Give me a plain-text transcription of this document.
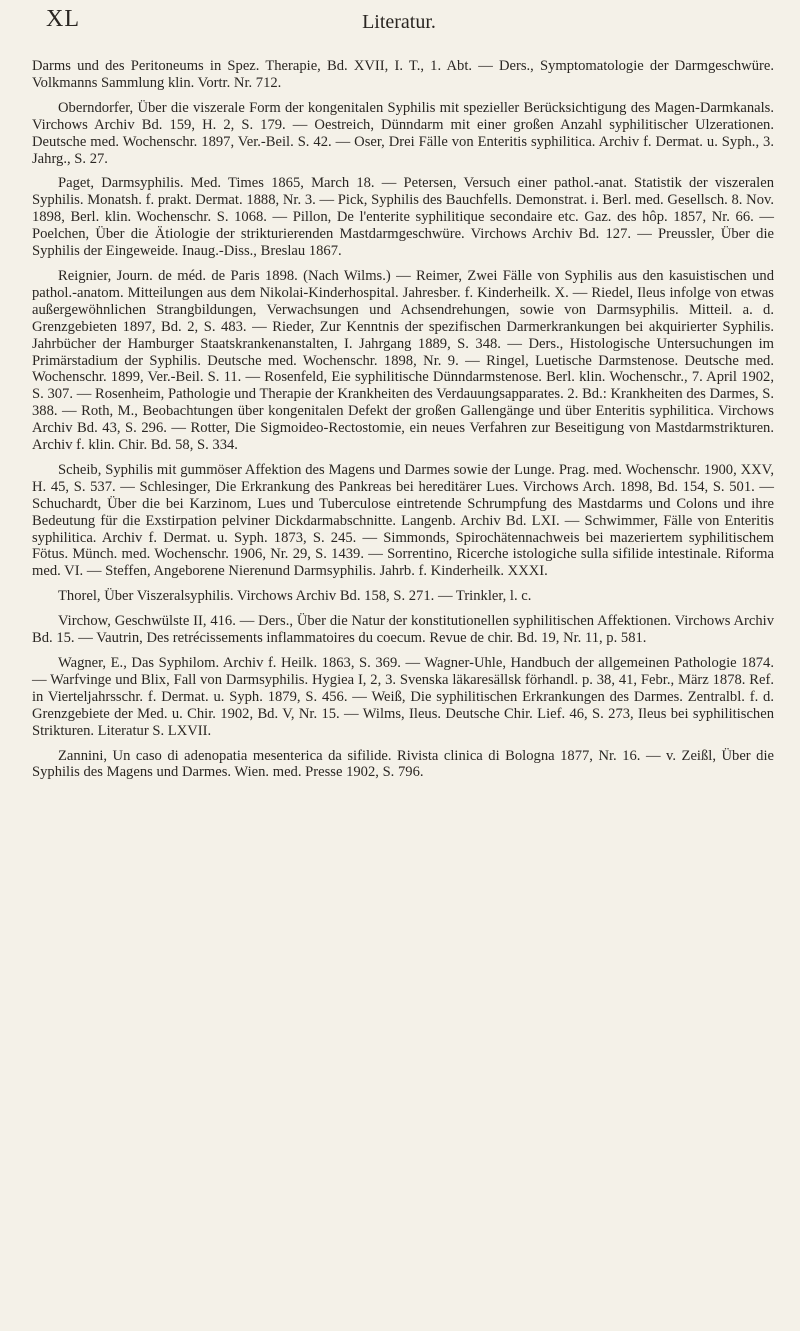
XL	Literatur.

Darms und des Peritoneums in Spez. Therapie, Bd. XVII, I. T., 1. Abt. — Ders., Symptomatologie der Darmgeschwüre. Volkmanns Sammlung klin. Vortr. Nr. 712.

Oberndorfer, Über die viszerale Form der kongenitalen Syphilis mit spezieller Berücksichtigung des Magen-Darmkanals. Virchows Archiv Bd. 159, H. 2, S. 179. — Oestreich, Dünndarm mit einer großen Anzahl syphilitischer Ulzerationen. Deutsche med. Wochenschr. 1897, Ver.-Beil. S. 42. — Oser, Drei Fälle von Enteritis syphilitica. Archiv f. Dermat. u. Syph., 3. Jahrg., S. 27.

Paget, Darmsyphilis. Med. Times 1865, March 18. — Petersen, Versuch einer pathol.-anat. Statistik der viszeralen Syphilis. Monatsh. f. prakt. Dermat. 1888, Nr. 3. — Pick, Syphilis des Bauchfells. Demonstrat. i. Berl. med. Gesellsch. 8. Nov. 1898, Berl. klin. Wochenschr. S. 1068. — Pillon, De l'enterite syphilitique secondaire etc. Gaz. des hôp. 1857, Nr. 66. — Poelchen, Über die Ätiologie der strikturierenden Mastdarmgeschwüre. Virchows Archiv Bd. 127. — Preussler, Über die Syphilis der Eingeweide. Inaug.-Diss., Breslau 1867.

Reignier, Journ. de méd. de Paris 1898. (Nach Wilms.) — Reimer, Zwei Fälle von Syphilis aus den kasuistischen und pathol.-anatom. Mitteilungen aus dem Nikolai-Kinderhospital. Jahresber. f. Kinderheilk. X. — Riedel, Ileus infolge von etwas außergewöhnlichen Strangbildungen, Verwachsungen und Achsendrehungen, sowie von Darmsyphilis. Mitteil. a. d. Grenzgebieten 1897, Bd. 2, S. 483. — Rieder, Zur Kenntnis der spezifischen Darmerkrankungen bei akquirierter Syphilis. Jahrbücher der Hamburger Staatskrankenanstalten, I. Jahrgang 1889, S. 348. — Ders., Histologische Untersuchungen im Primärstadium der Syphilis. Deutsche med. Wochenschr. 1898, Nr. 9. — Ringel, Luetische Darmstenose. Deutsche med. Wochenschr. 1899, Ver.-Beil. S. 11. — Rosenfeld, Eie syphilitische Dünndarmstenose. Berl. klin. Wochenschr., 7. April 1902, S. 307. — Rosenheim, Pathologie und Therapie der Krankheiten des Verdauungsapparates. 2. Bd.: Krankheiten des Darmes, S. 388. — Roth, M., Beobachtungen über kongenitalen Defekt der großen Gallengänge und über Enteritis syphilitica. Virchows Archiv Bd. 43, S. 296. — Rotter, Die Sigmoideo-Rectostomie, ein neues Verfahren zur Beseitigung von Mastdarmstrikturen. Archiv f. klin. Chir. Bd. 58, S. 334.

Scheib, Syphilis mit gummöser Affektion des Magens und Darmes sowie der Lunge. Prag. med. Wochenschr. 1900, XXV, H. 45, S. 537. — Schlesinger, Die Erkrankung des Pankreas bei hereditärer Lues. Virchows Arch. 1898, Bd. 154, S. 501. — Schuchardt, Über die bei Karzinom, Lues und Tuberculose eintretende Schrumpfung des Mastdarms und Colons und ihre Bedeutung für die Exstirpation pelviner Dickdarmabschnitte. Langenb. Archiv Bd. LXI. — Schwimmer, Fälle von Enteritis syphilitica. Archiv f. Dermat. u. Syph. 1873, S. 245. — Simmonds, Spirochätennachweis bei mazeriertem syphilitischem Fötus. Münch. med. Wochenschr. 1906, Nr. 29, S. 1439. — Sorrentino, Ricerche istologiche sulla sifilide intestinale. Riforma med. VI. — Steffen, Angeborene Nierenund Darmsyphilis. Jahrb. f. Kinderheilk. XXXI.

Thorel, Über Viszeralsyphilis. Virchows Archiv Bd. 158, S. 271. — Trinkler, l. c.

Virchow, Geschwülste II, 416. — Ders., Über die Natur der konstitutionellen syphilitischen Affektionen. Virchows Archiv Bd. 15. — Vautrin, Des retrécissements inflammatoires du coecum. Revue de chir. Bd. 19, Nr. 11, p. 581.

Wagner, E., Das Syphilom. Archiv f. Heilk. 1863, S. 369. — Wagner-Uhle, Handbuch der allgemeinen Pathologie 1874. — Warfvinge und Blix, Fall von Darmsyphilis. Hygiea I, 2, 3. Svenska läkaresällsk förhandl. p. 38, 41, Febr., März 1878. Ref. in Vierteljahrsschr. f. Dermat. u. Syph. 1879, S. 456. — Weiß, Die syphilitischen Erkrankungen des Darmes. Zentralbl. f. d. Grenzgebiete der Med. u. Chir. 1902, Bd. V, Nr. 15. — Wilms, Ileus. Deutsche Chir. Lief. 46, S. 273, Ileus bei syphilitischen Strikturen. Literatur S. LXVII.

Zannini, Un caso di adenopatia mesenterica da sifilide. Rivista clinica di Bologna 1877, Nr. 16. — v. Zeißl, Über die Syphilis des Magens und Darmes. Wien. med. Presse 1902, S. 796.
